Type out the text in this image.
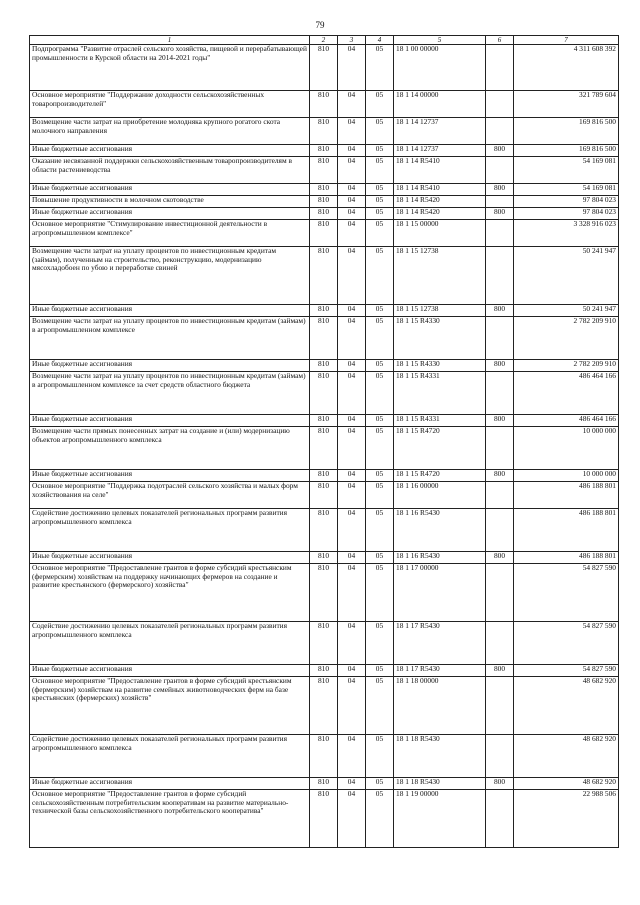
79
1	2	3	4	5	6	7
Подпрограмма "Развитие отраслей сельского хозяйства, пищевой и перерабатывающей промышленности в Курской области на 2014-2021 годы"	810	04	05	18 1 00 00000		4 311 608 392
Основное мероприятие "Поддержание доходности сельскохозяйственных товаропроизводителей"	810	04	05	18 1 14 00000		321 789 604
Возмещение части затрат на приобретение молодняка крупного рогатого скота молочного направления	810	04	05	18 1 14 12737		169 816 500
Иные бюджетные ассигнования	810	04	05	18 1 14 12737	800	169 816 500
Оказание несвязанной поддержки сельскохозяйственным товаропроизводителям в области растениеводства	810	04	05	18 1 14 R5410		54 169 081
Иные бюджетные ассигнования	810	04	05	18 1 14 R5410	800	54 169 081
Повышение продуктивности в молочном скотоводстве	810	04	05	18 1 14 R5420		97 804 023
Иные бюджетные ассигнования	810	04	05	18 1 14 R5420	800	97 804 023
Основное мероприятие "Стимулирование инвестиционной деятельности в агропромышленном комплексе"	810	04	05	18 1 15 00000		3 328 916 023
Возмещение части затрат на уплату процентов по инвестиционным кредитам (займам), полученным на строительство, реконструкцию, модернизацию мясохладобоен по убою и переработке свиней	810	04	05	18 1 15 12738		50 241 947
Иные бюджетные ассигнования	810	04	05	18 1 15 12738	800	50 241 947
Возмещение части затрат на уплату процентов по инвестиционным кредитам (займам) в агропромышленном комплексе	810	04	05	18 1 15 R4330		2 782 209 910
Иные бюджетные ассигнования	810	04	05	18 1 15 R4330	800	2 782 209 910
Возмещение части затрат на уплату процентов по инвестиционным кредитам (займам) в агропромышленном комплексе за счет средств областного бюджета	810	04	05	18 1 15 R4331		486 464 166
Иные бюджетные ассигнования	810	04	05	18 1 15 R4331	800	486 464 166
Возмещение части прямых понесенных затрат на создание и (или) модернизацию объектов агропромышленного комплекса	810	04	05	18 1 15 R4720		10 000 000
Иные бюджетные ассигнования	810	04	05	18 1 15 R4720	800	10 000 000
Основное мероприятие "Поддержка подотраслей сельского хозяйства и малых форм хозяйствования на селе"	810	04	05	18 1 16 00000		486 188 801
Содействие достижению целевых показателей региональных программ развития агропромышленного комплекса	810	04	05	18 1 16 R5430		486 188 801
Иные бюджетные ассигнования	810	04	05	18 1 16 R5430	800	486 188 801
Основное мероприятие "Предоставление грантов в форме субсидий крестьянским (фермерским) хозяйствам на поддержку начинающих фермеров на создание и развитие крестьянского (фермерского) хозяйства"	810	04	05	18 1 17 00000		54 827 590
Содействие достижению целевых показателей региональных программ развития агропромышленного комплекса	810	04	05	18 1 17 R5430		54 827 590
Иные бюджетные ассигнования	810	04	05	18 1 17 R5430	800	54 827 590
Основное мероприятие "Предоставление грантов в форме субсидий крестьянским (фермерским) хозяйствам на развитие семейных животноводческих ферм на базе крестьянских (фермерских) хозяйств"	810	04	05	18 1 18 00000		48 682 920
Содействие достижению целевых показателей региональных программ развития агропромышленного комплекса	810	04	05	18 1 18 R5430		48 682 920
Иные бюджетные ассигнования	810	04	05	18 1 18 R5430	800	48 682 920
Основное мероприятие "Предоставление грантов в форме субсидий сельскохозяйственным потребительским кооперативам на развитие материально-технической базы сельскохозяйственного потребительского кооператива"	810	04	05	18 1 19 00000		22 988 506
